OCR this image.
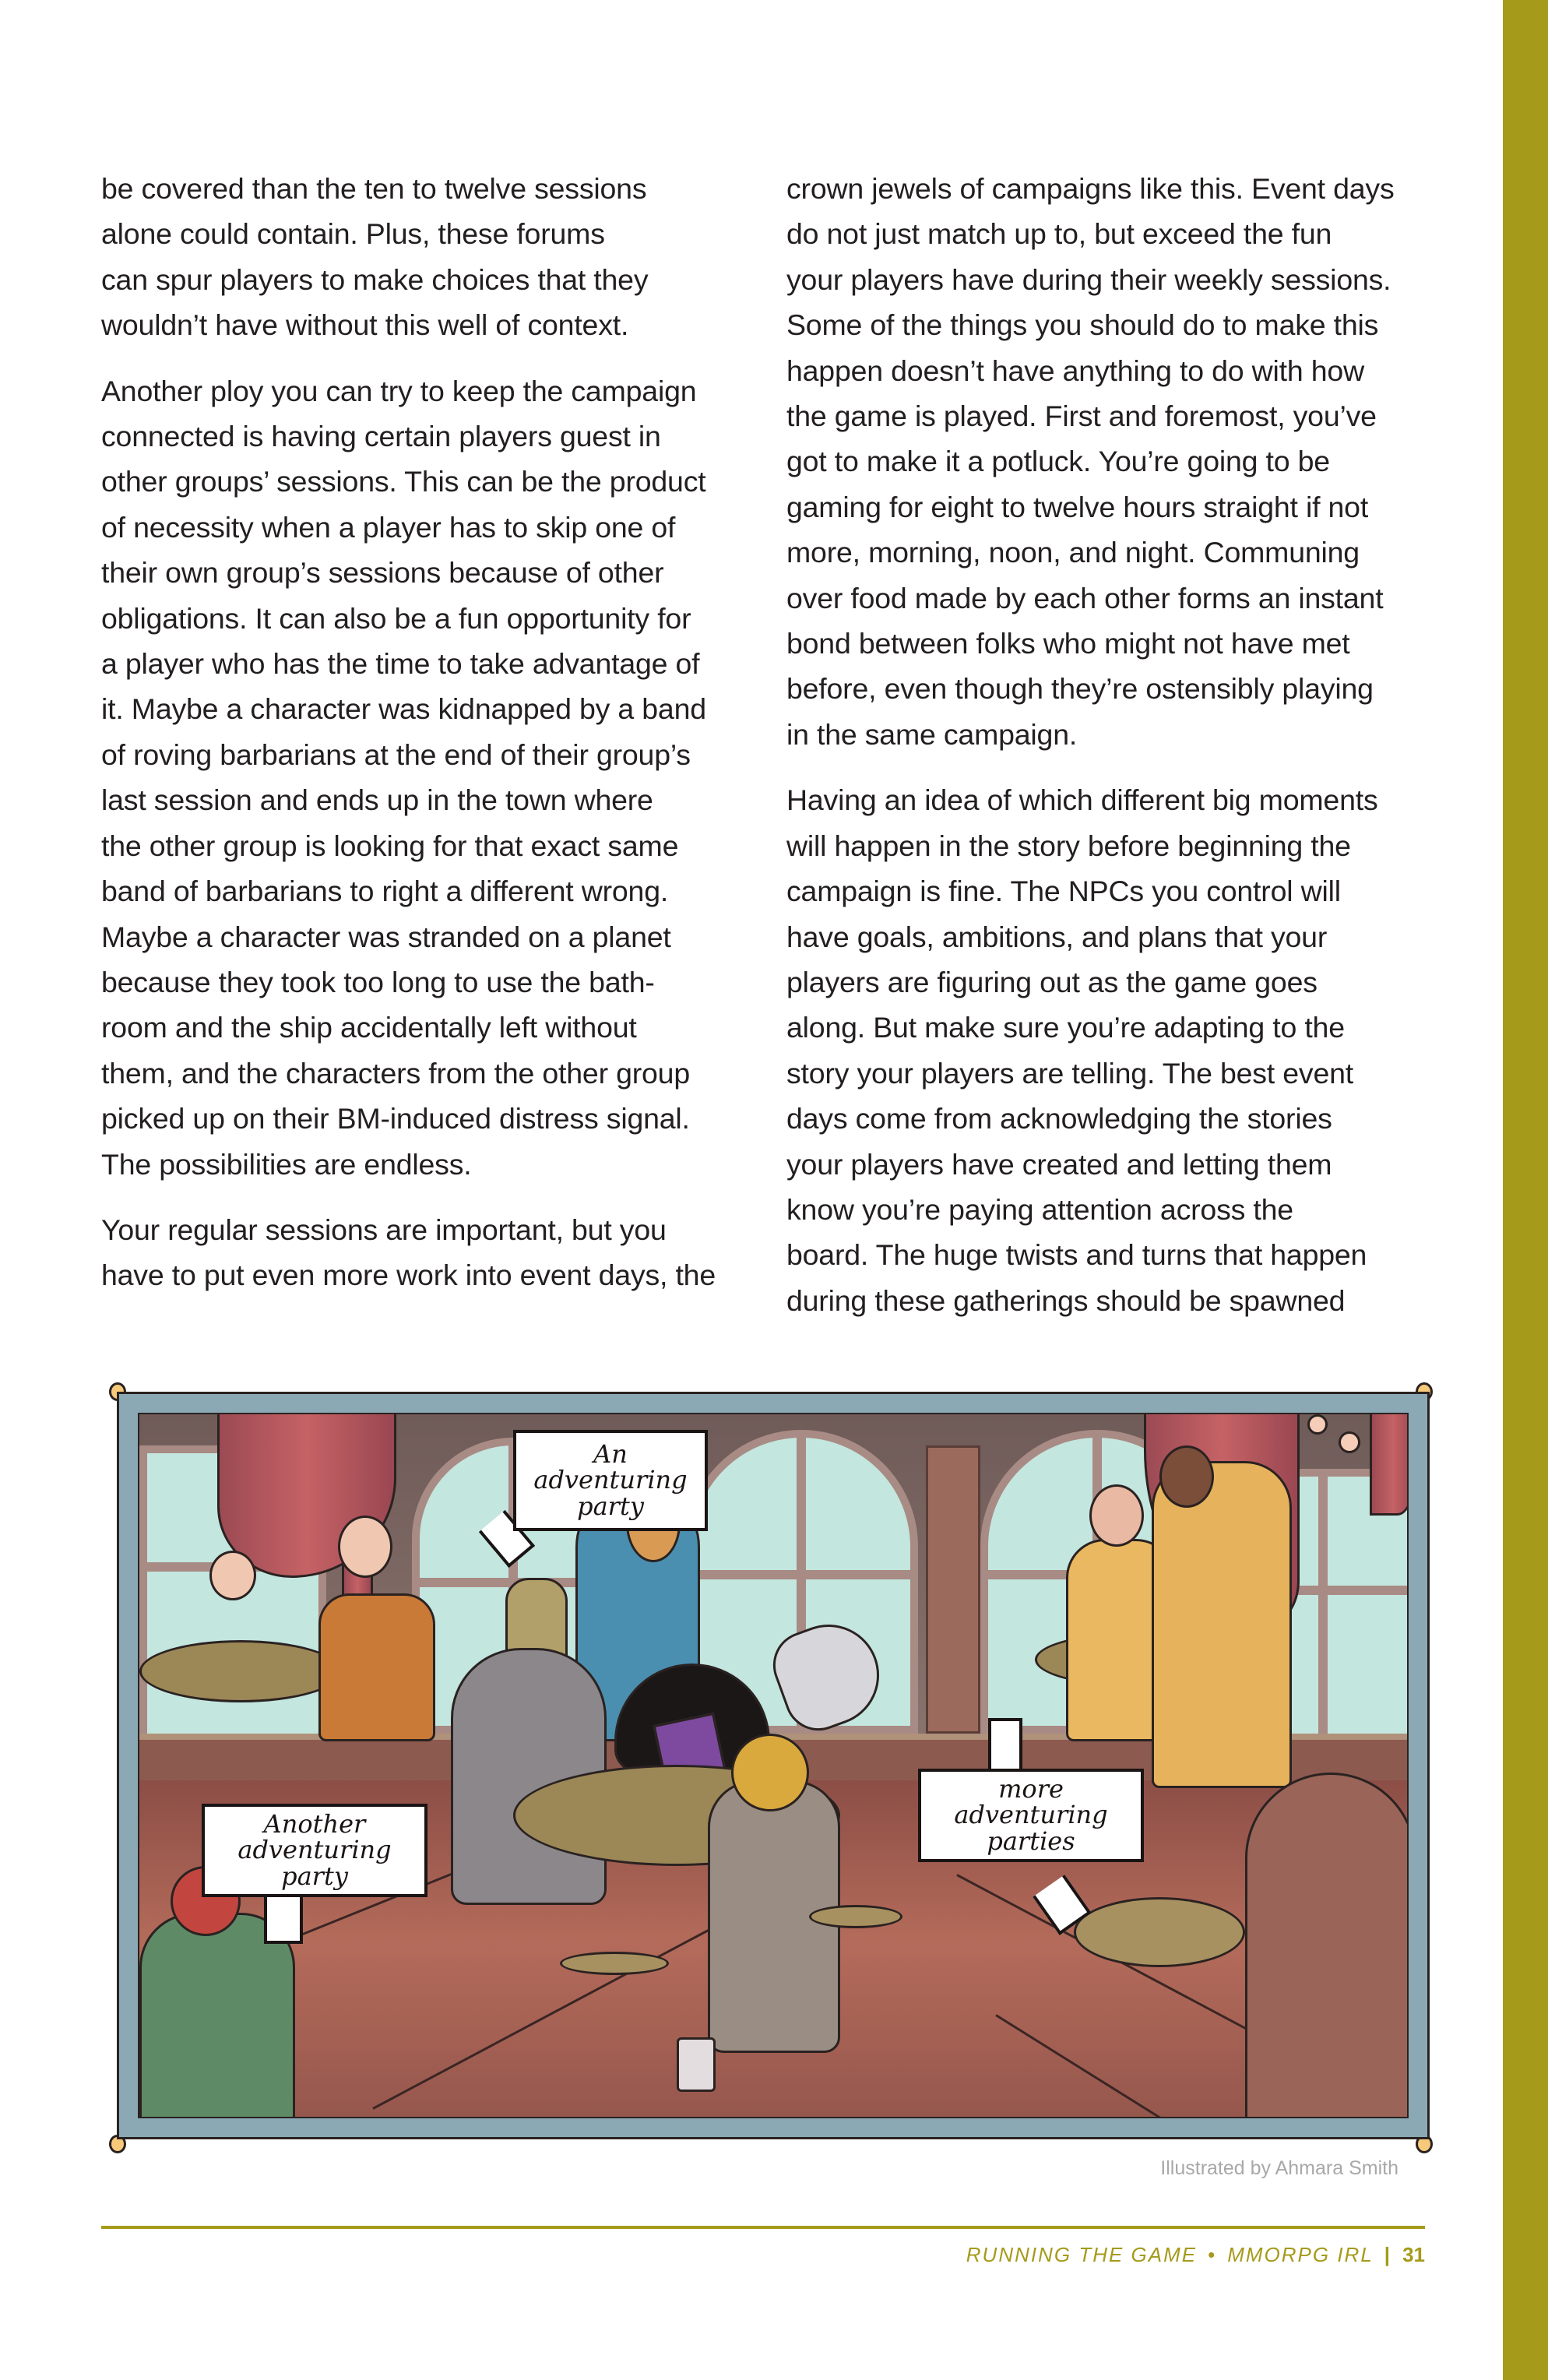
be covered than the ten to twelve sessions
alone could contain. Plus, these forums
can spur players to make choices that they
wouldn’t have without this well of context.

Another ploy you can try to keep the campaign
connected is having certain players guest in
other groups’ sessions. This can be the product
of necessity when a player has to skip one of
their own group’s sessions because of other
obligations. It can also be a fun opportunity for
a player who has the time to take advantage of
it. Maybe a character was kidnapped by a band
of roving barbarians at the end of their group’s
last session and ends up in the town where
the other group is looking for that exact same
band of barbarians to right a different wrong.
Maybe a character was stranded on a planet
because they took too long to use the bath-
room and the ship accidentally left without
them, and the characters from the other group
picked up on their BM-induced distress signal.
The possibilities are endless.

Your regular sessions are important, but you
have to put even more work into event days, the

crown jewels of campaigns like this. Event days
do not just match up to, but exceed the fun
your players have during their weekly sessions.
Some of the things you should do to make this
happen doesn’t have anything to do with how
the game is played. First and foremost, you’ve
got to make it a potluck. You’re going to be
gaming for eight to twelve hours straight if not
more, morning, noon, and night. Communing
over food made by each other forms an instant
bond between folks who might not have met
before, even though they’re ostensibly playing
in the same campaign.

Having an idea of which different big moments
will happen in the story before beginning the
campaign is fine. The NPCs you control will
have goals, ambitions, and plans that your
players are figuring out as the game goes
along. But make sure you’re adapting to the
story your players are telling. The best event
days come from acknowledging the stories
your players have created and letting them
know you’re paying attention across the
board. The huge twists and turns that happen
during these gatherings should be spawned

An
adventuring
party
Another
adventuring
party
more
adventuring
parties
Illustrated by Ahmara Smith
RUNNING THE GAME • MMORPG IRL | 31
